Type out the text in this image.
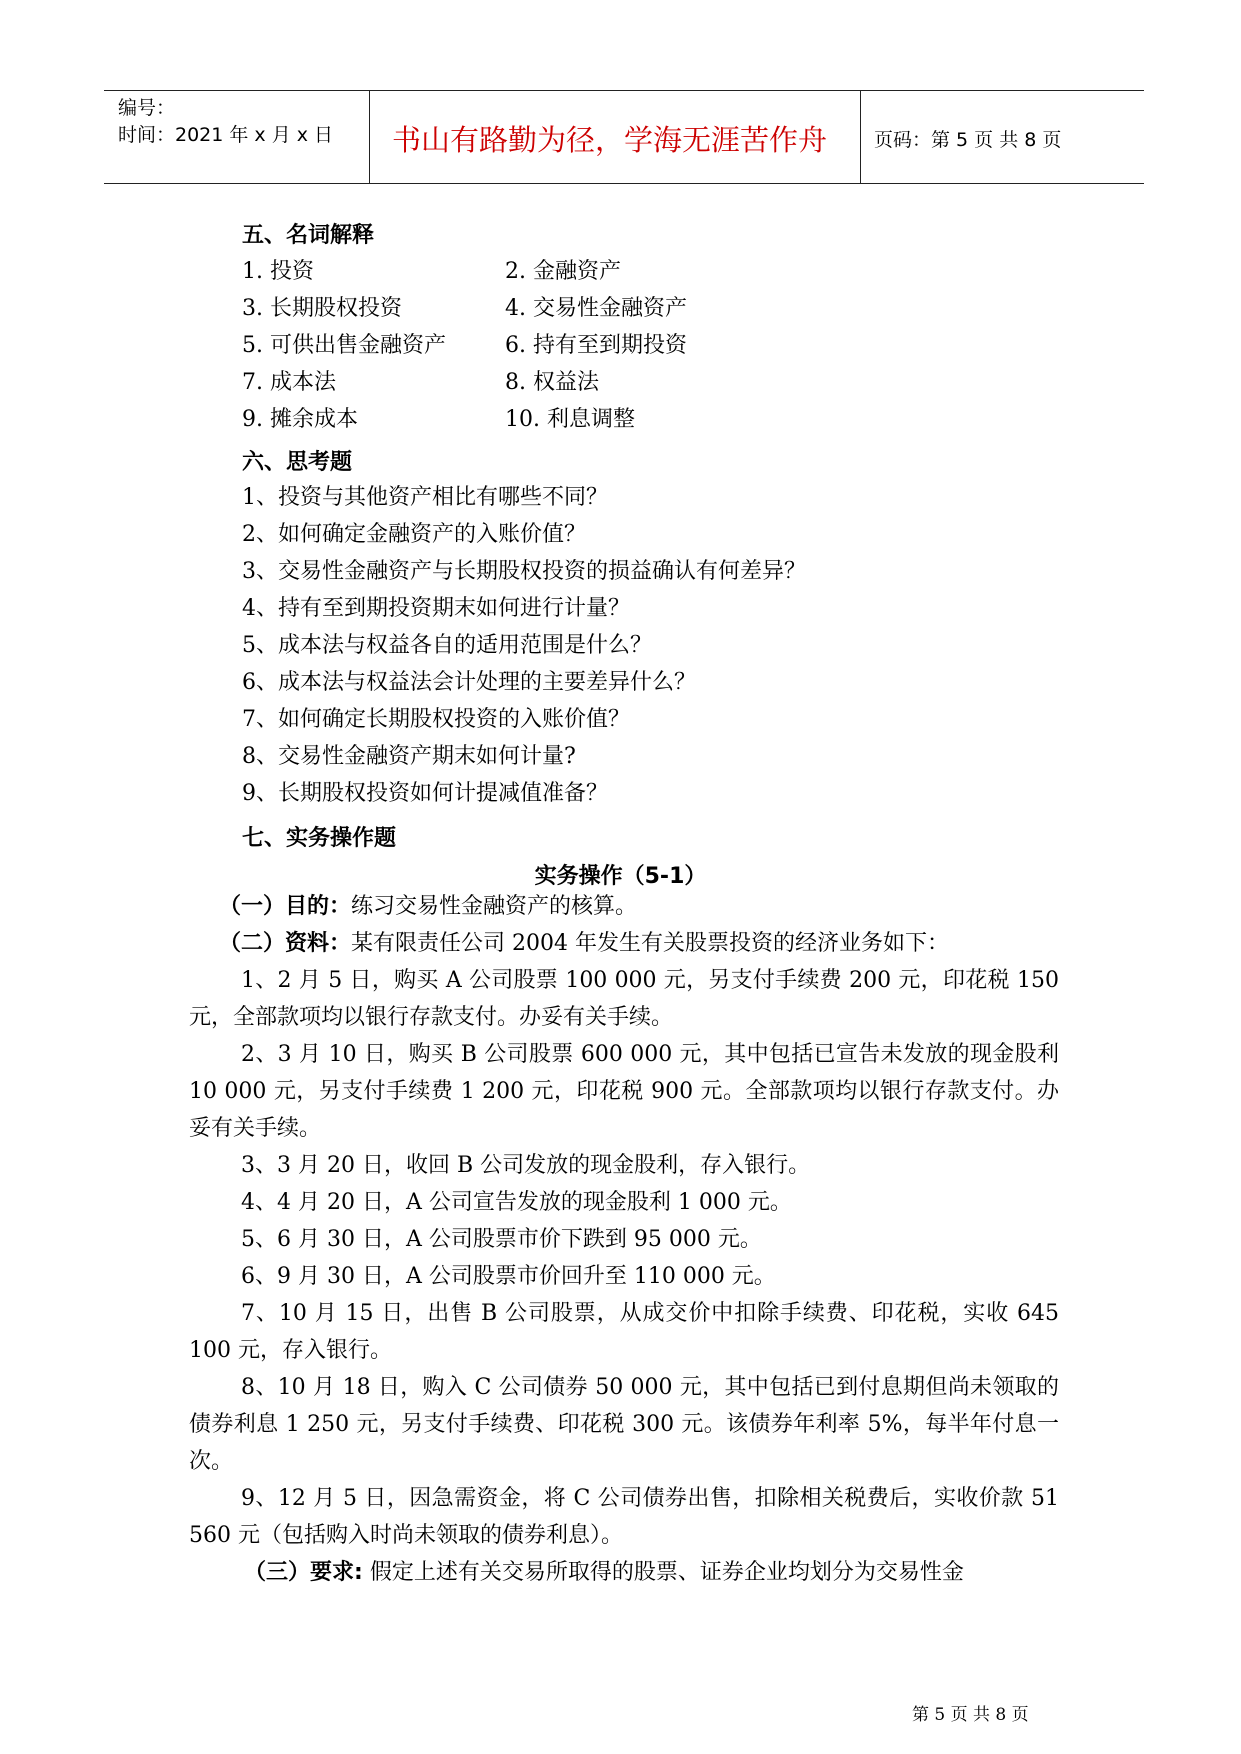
编号：
时间：2021 年 x 月 x 日 书山有路勤为径，学海无涯苦作舟 页码：第 5 页 共 8 页
五、名词解释
1. 投资
3. 长期股权投资
5. 可供出售金融资产
7. 成本法
9. 摊余成本
2. 金融资产
4. 交易性金融资产
6. 持有至到期投资
8. 权益法
10. 利息调整
六、思考题
1、投资与其他资产相比有哪些不同？
2、如何确定金融资产的入账价值？
3、交易性金融资产与长期股权投资的损益确认有何差异？
4、持有至到期投资期末如何进行计量？
5、成本法与权益各自的适用范围是什么？
6、成本法与权益法会计处理的主要差异什么？
7、如何确定长期股权投资的入账价值？
8、交易性金融资产期末如何计量?
9、长期股权投资如何计提减值准备？
七、实务操作题
实务操作（5-1）
（一）目的：练习交易性金融资产的核算。
（二）资料：某有限责任公司 2004 年发生有关股票投资的经济业务如下：
1、2 月 5 日，购买 A 公司股票 100 000 元，另支付手续费 200 元，印花税 150 元，全部款项均以银行存款支付。办妥有关手续。
2、3 月 10 日，购买 B 公司股票 600 000 元，其中包括已宣告未发放的现金股利 10 000 元，另支付手续费 1 200 元，印花税 900 元。全部款项均以银行存款支付。办妥有关手续。
3、3 月 20 日，收回 B 公司发放的现金股利，存入银行。
4、4 月 20 日，A 公司宣告发放的现金股利 1 000 元。
5、6 月 30 日，A 公司股票市价下跌到 95 000 元。
6、9 月 30 日，A 公司股票市价回升至 110 000 元。
7、10 月 15 日，出售 B 公司股票，从成交价中扣除手续费、印花税，实收 645 100 元，存入银行。
8、10 月 18 日，购入 C 公司债券 50 000 元，其中包括已到付息期但尚未领取的债券利息 1 250 元，另支付手续费、印花税 300 元。该债券年利率 5%，每半年付息一次。
9、12 月 5 日，因急需资金，将 C 公司债券出售，扣除相关税费后，实收价款 51 560 元（包括购入时尚未领取的债券利息）。
（三）要求: 假定上述有关交易所取得的股票、证券企业均划分为交易性金
第 5 页 共 8 页
